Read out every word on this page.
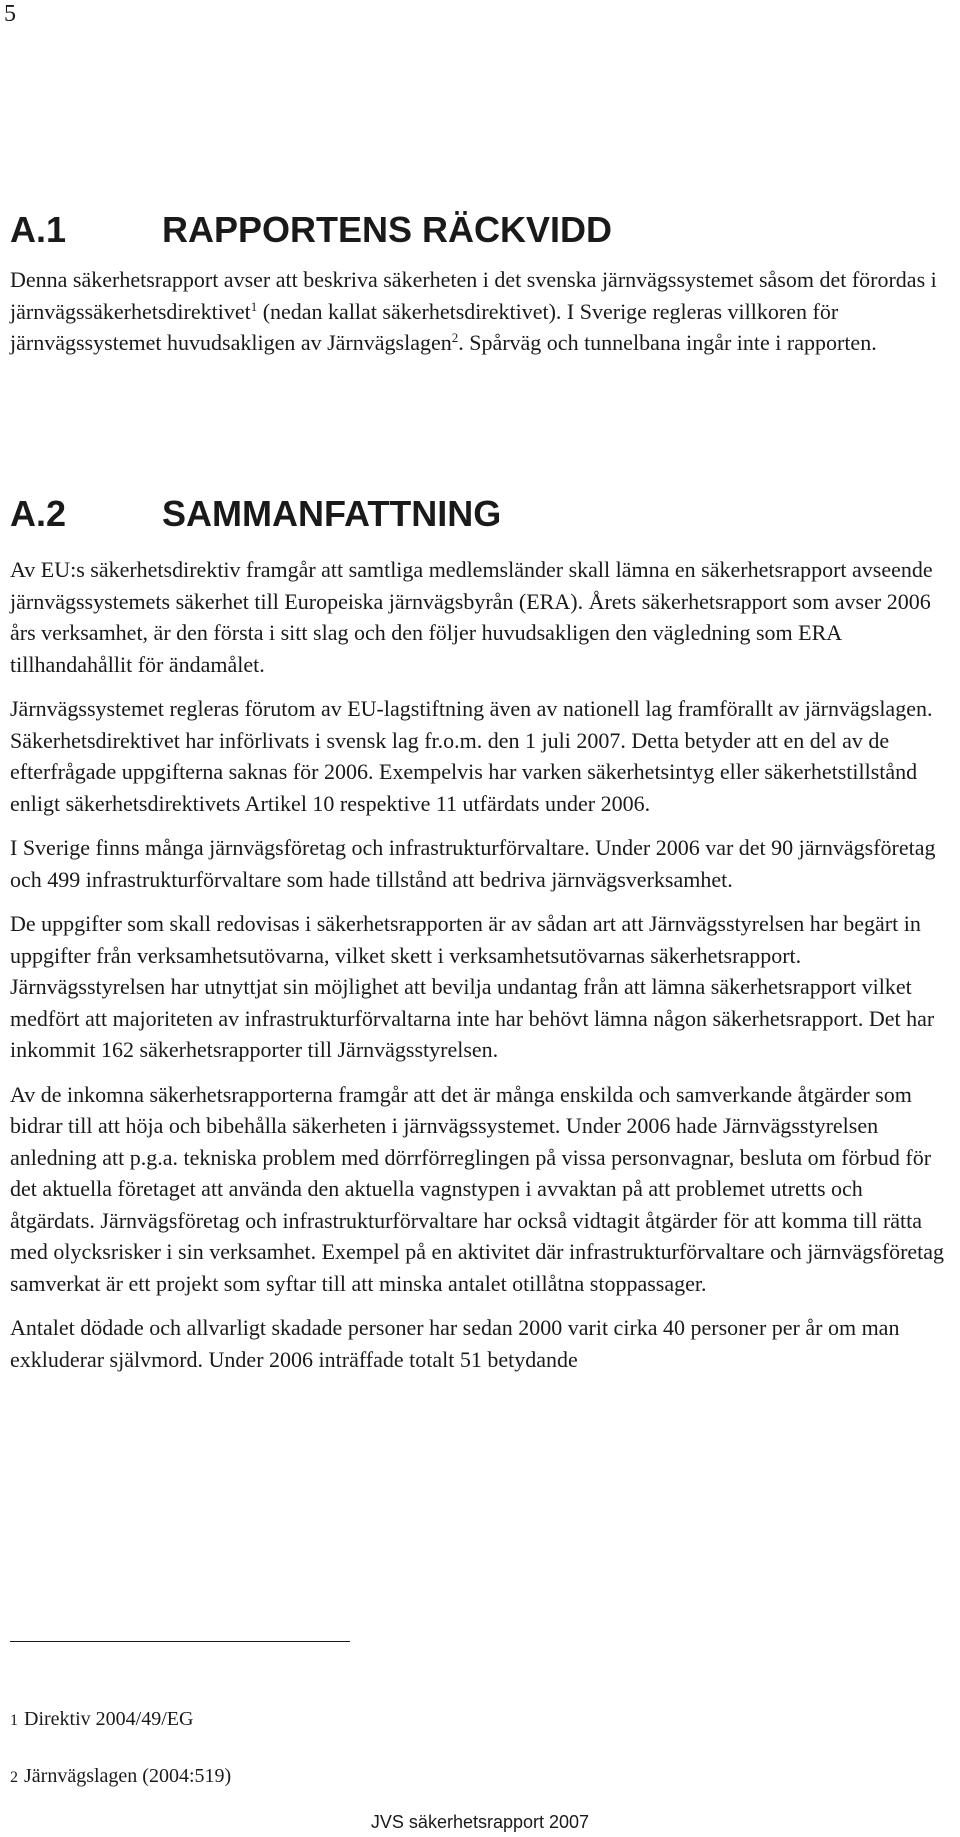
5
A.1	RAPPORTENS RÄCKVIDD

Denna säkerhetsrapport avser att beskriva säkerheten i det svenska järnvägssystemet såsom det förordas i järnvägssäkerhetsdirektivet$^1$ (nedan kallat säkerhetsdirektivet). I Sverige regleras villkoren för järnvägssystemet huvudsakligen av Järnvägslagen$^2$. Spårväg och tunnelbana ingår inte i rapporten.

A.2	SAMMANFATTNING

Av EU:s säkerhetsdirektiv framgår att samtliga medlemsländer skall lämna en säkerhetsrapport avseende järnvägssystemets säkerhet till Europeiska järnvägsbyrån (ERA). Årets säkerhetsrapport som avser 2006 års verksamhet, är den första i sitt slag och den följer huvudsakligen den vägledning som ERA tillhandahållit för ändamålet.

Järnvägssystemet regleras förutom av EU-lagstiftning även av nationell lag framförallt av järnvägslagen. Säkerhetsdirektivet har införlivats i svensk lag fr.o.m. den 1 juli 2007. Detta betyder att en del av de efterfrågade uppgifterna saknas för 2006. Exempelvis har varken säkerhetsintyg eller säkerhetstillstånd enligt säkerhetsdirektivets Artikel 10 respektive 11 utfärdats under 2006.

I Sverige finns många järnvägsföretag och infrastrukturförvaltare. Under 2006 var det 90 järnvägsföretag och 499 infrastrukturförvaltare som hade tillstånd att bedriva järnvägsverksamhet.

De uppgifter som skall redovisas i säkerhetsrapporten är av sådan art att Järnvägsstyrelsen har begärt in uppgifter från verksamhetsutövarna, vilket skett i verksamhetsutövarnas säkerhetsrapport. Järnvägsstyrelsen har utnyttjat sin möjlighet att bevilja undantag från att lämna säkerhetsrapport vilket medfört att majoriteten av infrastrukturförvaltarna inte har behövt lämna någon säkerhetsrapport. Det har inkommit 162 säkerhetsrapporter till Järnvägsstyrelsen.

Av de inkomna säkerhetsrapporterna framgår att det är många enskilda och samverkande åtgärder som bidrar till att höja och bibehålla säkerheten i järnvägssystemet. Under 2006 hade Järnvägsstyrelsen anledning att p.g.a. tekniska problem med dörrförreglingen på vissa personvagnar, besluta om förbud för det aktuella företaget att använda den aktuella vagnstypen i avvaktan på att problemet utretts och åtgärdats. Järnvägsföretag och infrastrukturförvaltare har också vidtagit åtgärder för att komma till rätta med olycksrisker i sin verksamhet. Exempel på en aktivitet där infrastrukturförvaltare och järnvägsföretag samverkat är ett projekt som syftar till att minska antalet otillåtna stoppassager.

Antalet dödade och allvarligt skadade personer har sedan 2000 varit cirka 40 personer per år om man exkluderar självmord. Under 2006 inträffade totalt 51 betydande

1 Direktiv 2004/49/EG
2 Järnvägslagen (2004:519)
JVS säkerhetsrapport 2007
